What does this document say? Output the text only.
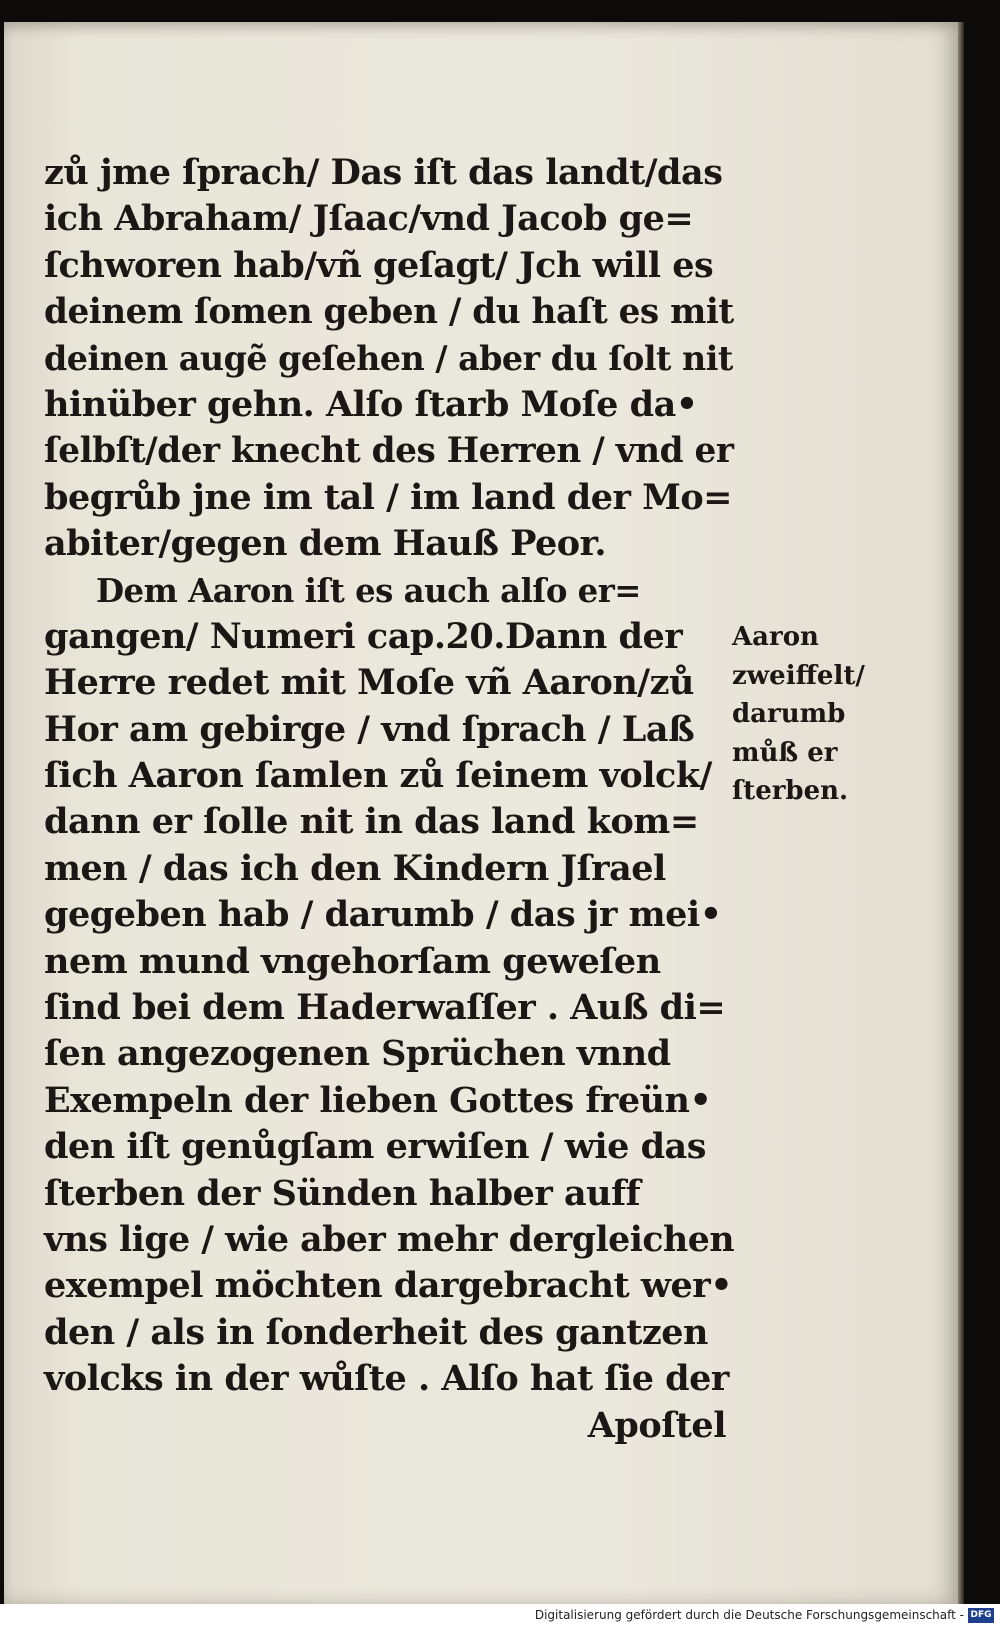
zů jme ſprach/ Das iſt das landt/das
ich Abraham/ Jſaac/vnd Jacob ge=
ſchworen hab/vñ geſagt/ Jch will es
deinem ſomen geben / du haſt es mit
deinen augẽ geſehen / aber du ſolt nit
hinüber gehn. Alſo ſtarb Moſe da•
ſelbſt/der knecht des Herren / vnd er
begrůb jne im tal / im land der Mo=
abiter/gegen dem Hauß Peor.
Dem Aaron iſt es auch alſo er=
gangen/ Numeri cap.20.Dann der
Herre redet mit Moſe vñ Aaron/zů
Hor am gebirge / vnd ſprach / Laß
ſich Aaron ſamlen zů ſeinem volck/
dann er ſolle nit in das land kom=
men / das ich den Kindern Jſrael
gegeben hab / darumb / das jr mei•
nem mund vngehorſam geweſen
ſind bei dem Haderwaſſer . Auß di=
ſen angezogenen Sprüchen vnnd
Exempeln der lieben Gottes freün•
den iſt genůgſam erwiſen / wie das
ſterben der Sünden halber auff
vns lige / wie aber mehr dergleichen
exempel möchten dargebracht wer•
den / als in ſonderheit des gantzen
volcks in der wůſte . Alſo hat ſie der
Apoſtel
Aaron
zweiffelt/
darumb
můß er
ſterben.
Digitalisierung gefördert durch die Deutsche Forschungsgemeinschaft - DFG
